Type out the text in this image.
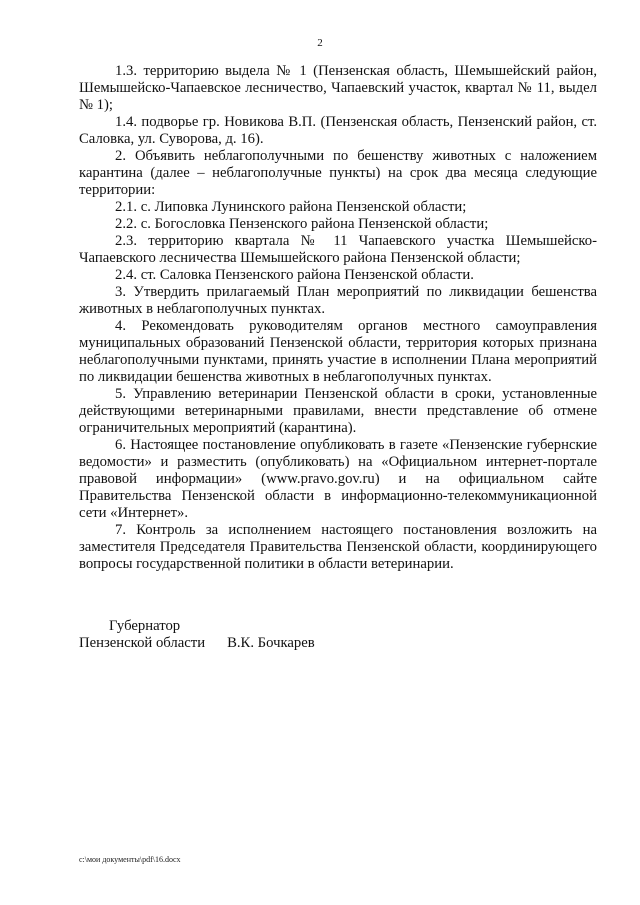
2

1.3. территорию выдела № 1 (Пензенская область, Шемышейский район, Шемышейско-Чапаевское лесничество, Чапаевский участок, квартал № 11, выдел № 1);

1.4. подворье гр. Новикова В.П. (Пензенская область, Пензенский район, ст. Саловка, ул. Суворова, д. 16).

2. Объявить неблагополучными по бешенству животных с наложением карантина (далее – неблагополучные пункты) на срок два месяца следующие территории:

2.1. с. Липовка Лунинского района Пензенской области;

2.2. с. Богословка Пензенского района Пензенской области;

2.3. территорию квартала № 11 Чапаевского участка Шемышейско-Чапаевского лесничества Шемышейского района Пензенской области;

2.4. ст. Саловка Пензенского района Пензенской области.

3. Утвердить прилагаемый План мероприятий по ликвидации бешенства животных в неблагополучных пунктах.

4. Рекомендовать руководителям органов местного самоуправления муниципальных образований Пензенской области, территория которых признана неблагополучными пунктами, принять участие в исполнении Плана мероприятий по ликвидации бешенства животных в неблагополучных пунктах.

5. Управлению ветеринарии Пензенской области в сроки, установленные действующими ветеринарными правилами, внести представление об отмене ограничительных мероприятий (карантина).

6. Настоящее постановление опубликовать в газете «Пензенские губернские ведомости» и разместить (опубликовать) на «Официальном интернет-портале правовой информации» (www.pravo.gov.ru) и на официальном сайте Правительства Пензенской области в информационно-телекоммуникационной сети «Интернет».

7. Контроль за исполнением настоящего постановления возложить на заместителя Председателя Правительства Пензенской области, координирующего вопросы государственной политики в области ветеринарии.

Губернатор

Пензенской области В.К. Бочкарев

c:\мои документы\pdf\16.docx
